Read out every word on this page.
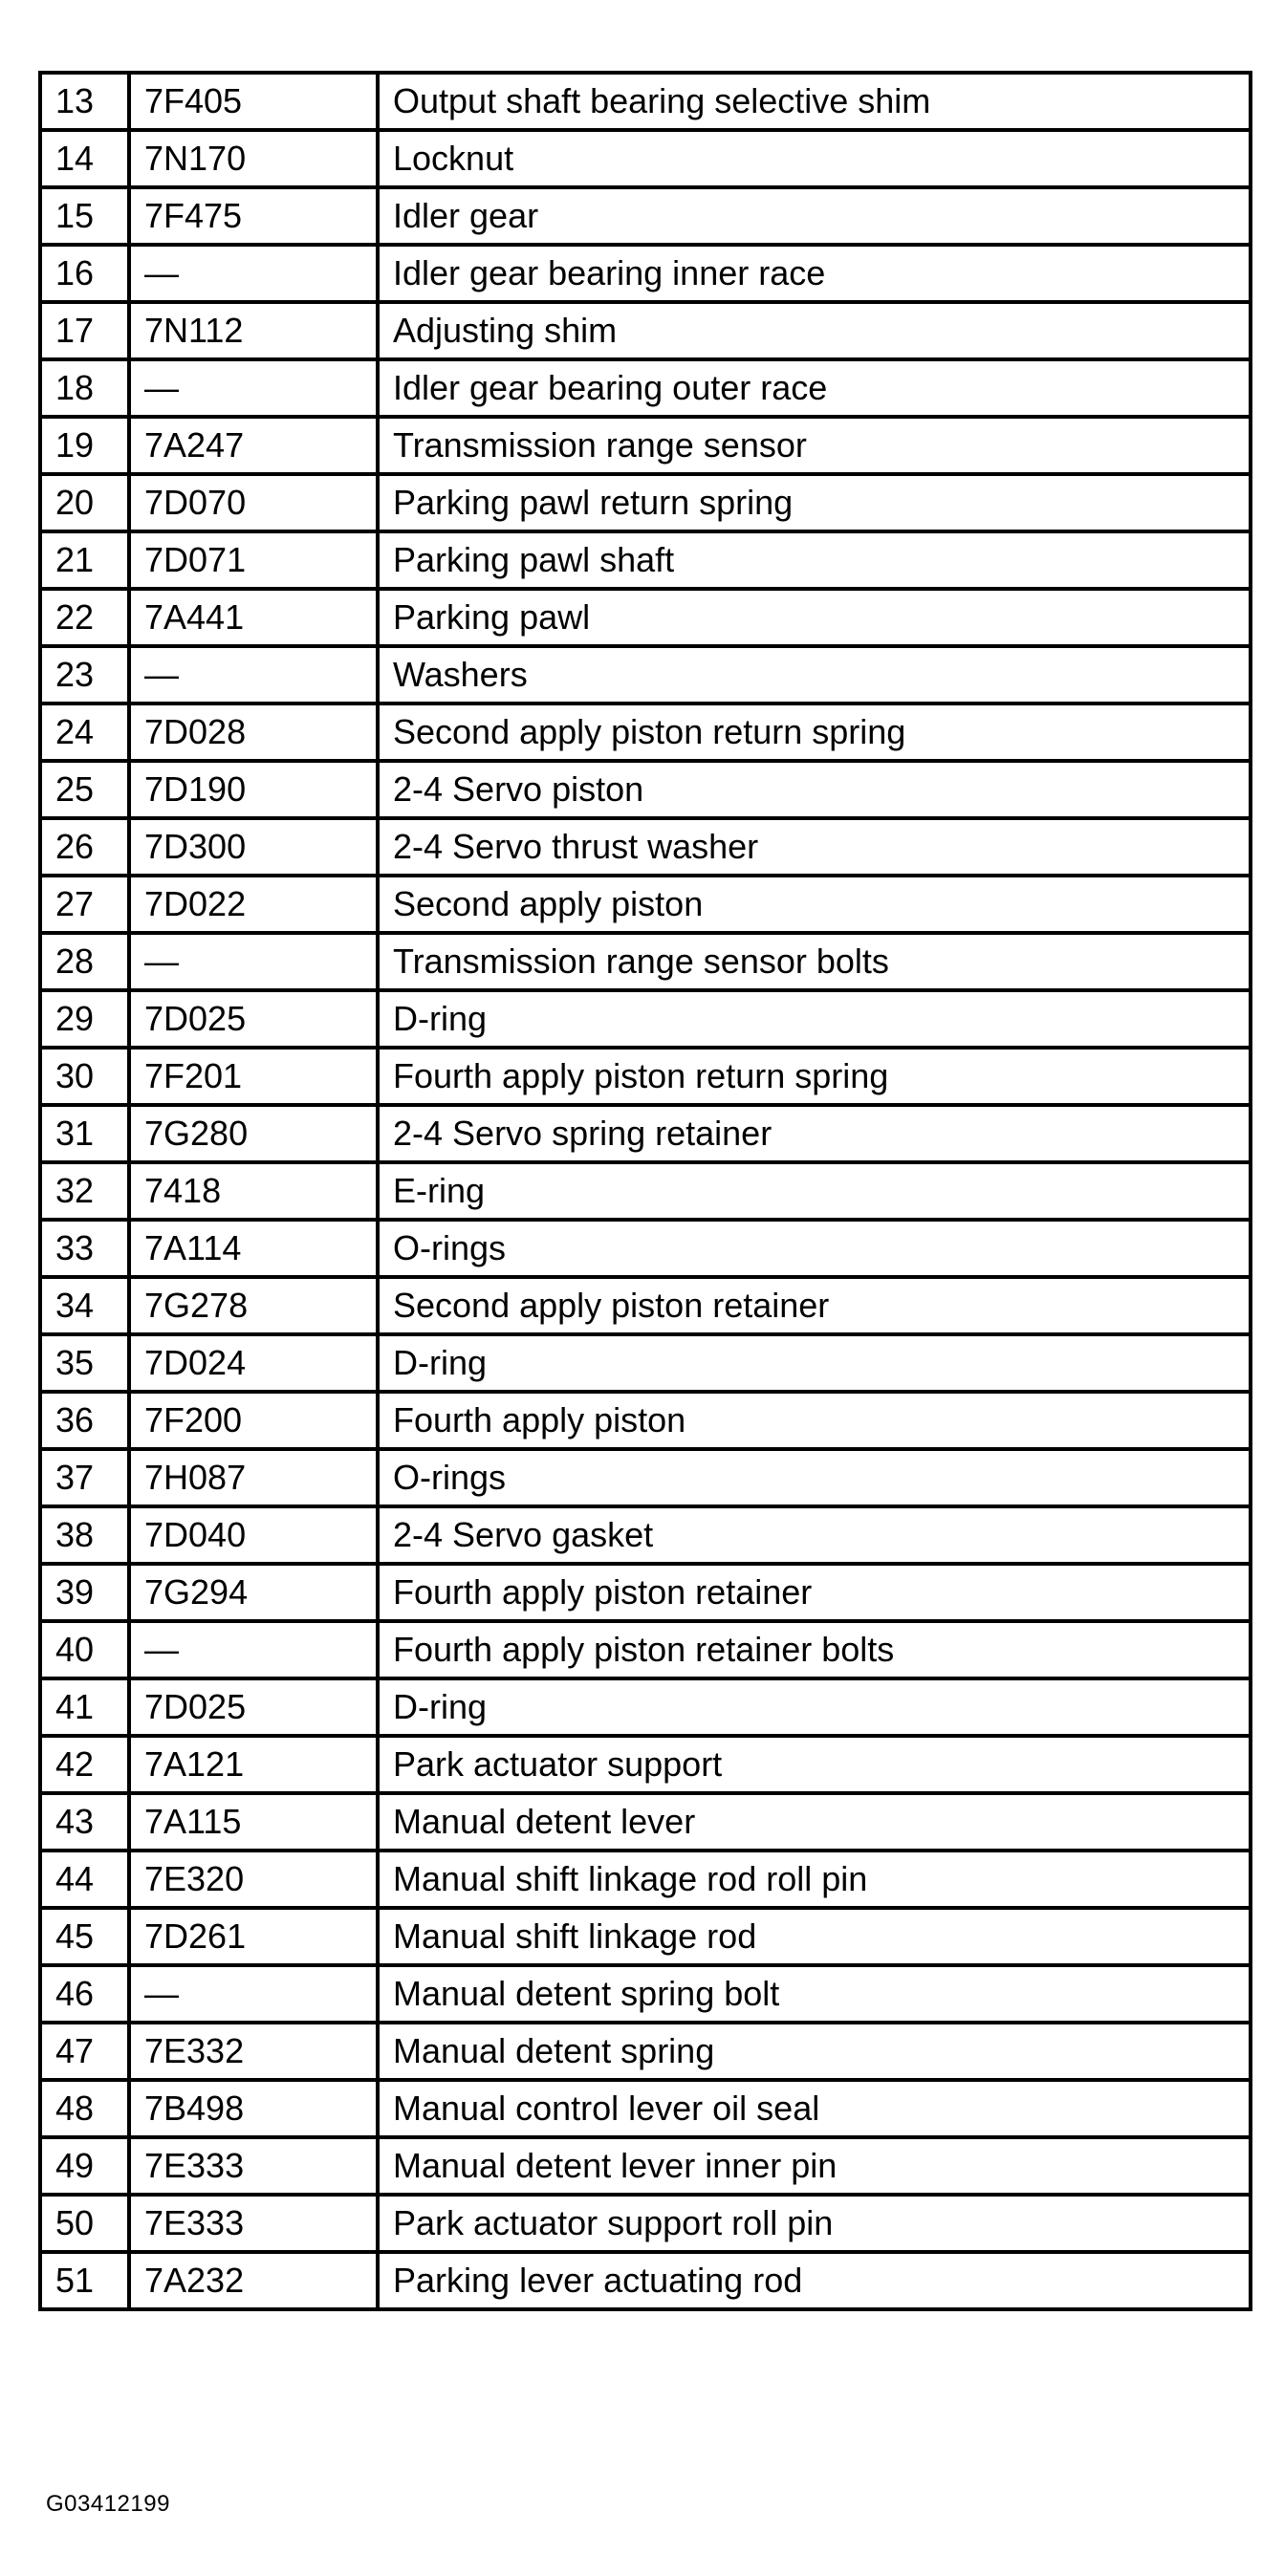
13	7F405	Output shaft bearing selective shim
14	7N170	Locknut
15	7F475	Idler gear
16	—	Idler gear bearing inner race
17	7N112	Adjusting shim
18	—	Idler gear bearing outer race
19	7A247	Transmission range sensor
20	7D070	Parking pawl return spring
21	7D071	Parking pawl shaft
22	7A441	Parking pawl
23	—	Washers
24	7D028	Second apply piston return spring
25	7D190	2-4 Servo piston
26	7D300	2-4 Servo thrust washer
27	7D022	Second apply piston
28	—	Transmission range sensor bolts
29	7D025	D-ring
30	7F201	Fourth apply piston return spring
31	7G280	2-4 Servo spring retainer
32	7418	E-ring
33	7A114	O-rings
34	7G278	Second apply piston retainer
35	7D024	D-ring
36	7F200	Fourth apply piston
37	7H087	O-rings
38	7D040	2-4 Servo gasket
39	7G294	Fourth apply piston retainer
40	—	Fourth apply piston retainer bolts
41	7D025	D-ring
42	7A121	Park actuator support
43	7A115	Manual detent lever
44	7E320	Manual shift linkage rod roll pin
45	7D261	Manual shift linkage rod
46	—	Manual detent spring bolt
47	7E332	Manual detent spring
48	7B498	Manual control lever oil seal
49	7E333	Manual detent lever inner pin
50	7E333	Park actuator support roll pin
51	7A232	Parking lever actuating rod
G03412199
